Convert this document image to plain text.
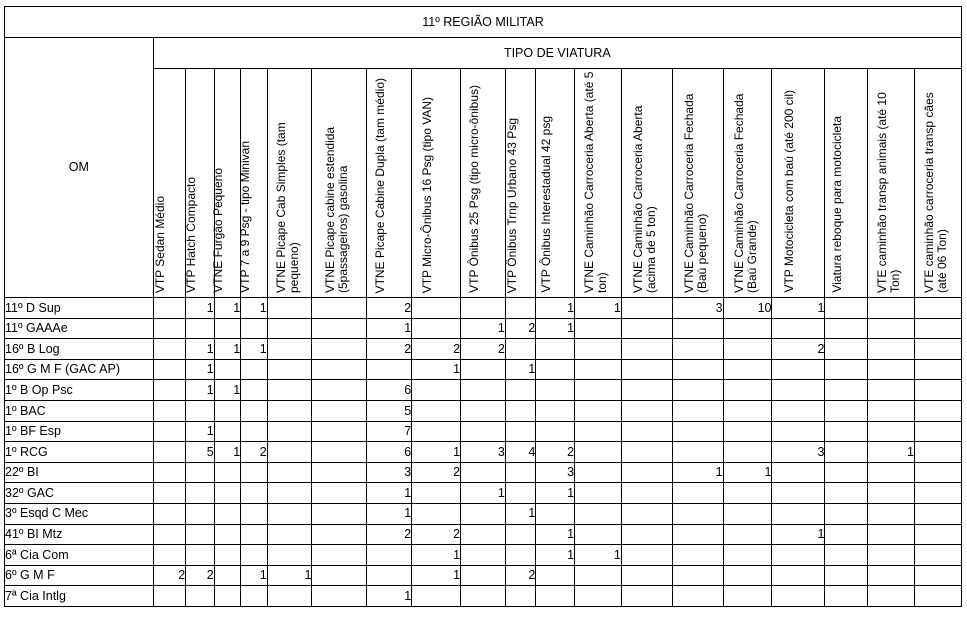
11º REGIÃO MILITAR																			
OM	TIPO DE VIATURA																		

	VTP Sedan Médio	VTP Hatch Compacto	VTNE Furgão Pequeno	VTP 7 a 9 Psg - tipo Minivan	VTNE Picape Cab Simples (tam pequeno)	VTNE Picape cabine estendida (5passageiros) gasolina	VTNE Picape Cabine Dupla (tam médio)	VTP Micro-Ônibus 16 Psg (tipo VAN)	VTP Ônibus 25 Psg (tipo micro-ônibus)	VTP Ônibus Trnp Urbano 43 Psg	VTP Ônibus Interestadual 42 psg	VTNE Caminhão Carroceria Aberta (até 5 ton)	VTNE Caminhão Carroceria Aberta (acima de 5 ton)	VTNE Caminhão Carroceria Fechada (Baú pequeno)	VTNE Caminhão Carroceria Fechada (Baú Grande)	VTP Motocicleta com baú (até 200 cil)	Viatura reboque para motocicleta	VTE caminhão transp animais (até 10 Ton)	VTE caminhão carroceria transp cães (até 06 Ton)

11º D Sup		1	1	1			2				1	1		3	10	1			
11º GAAAe							1		1	2	1								
16º B Log		1	1	1			2	2	2							2			
16º G M F (GAC AP)		1						1		1									
1º B Op Psc		1	1				6												
1º BAC							5												
1º BF Esp		1					7												
1º RCG		5	1	2			6	1	3	4	2					3		1	
22º BI							3	2			3			1	1				
32º GAC							1		1		1								
3º Esqd C Mec							1			1									
41º BI Mtz							2	2			1					1			
6ª Cia Com								1			1	1							
6º G M F	2	2		1	1			1		2									
7ª Cia Intlg							1												
